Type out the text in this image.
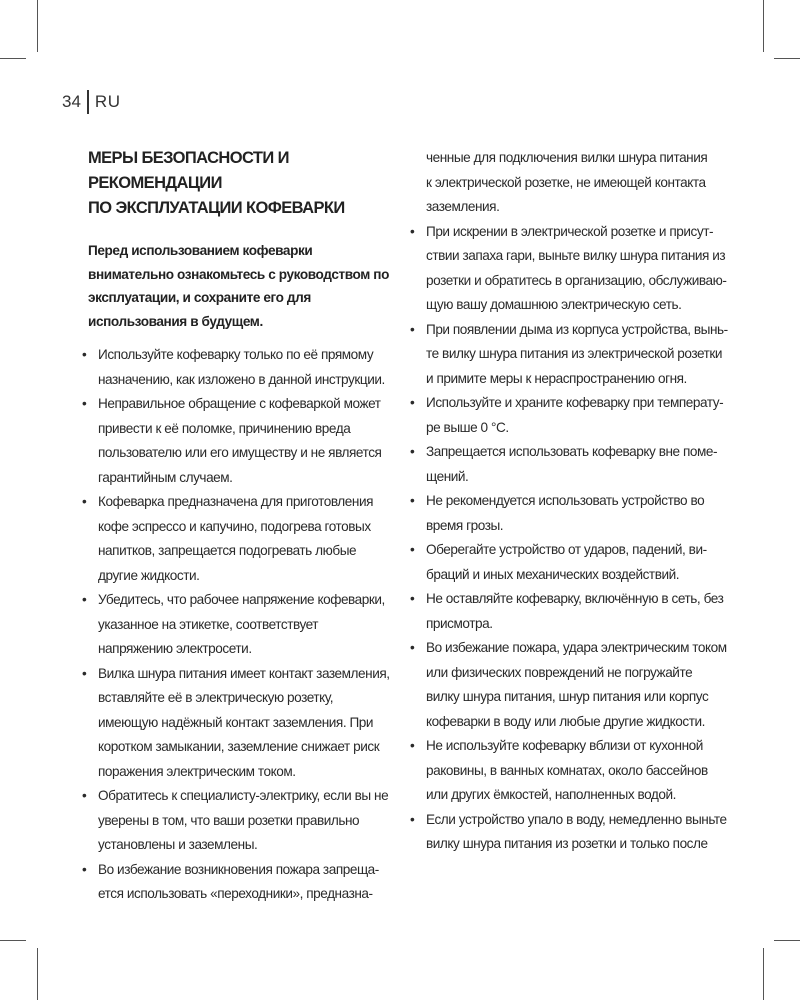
34 RU
МЕРЫ БЕЗОПАСНОСТИ И РЕКОМЕНДАЦИИ
ПО ЭКСПЛУАТАЦИИ КОФЕВАРКИ

Перед использованием кофеварки внимательно ознакомьтесь с руководством по эксплуатации, и сохраните его для использования в будущем.

• Используйте кофеварку только по её прямому назначению, как изложено в данной инструкции.
• Неправильное обращение с кофеваркой может привести к её поломке, причинению вреда пользователю или его имуществу и не является гарантийным случаем.
• Кофеварка предназначена для приготовления кофе эспрессо и капучино, подогрева готовых напитков, запрещается подогревать любые другие жидкости.
• Убедитесь, что рабочее напряжение кофеварки, указанное на этикетке, соответствует напряжению электросети.
• Вилка шнура питания имеет контакт заземления, вставляйте её в электрическую розетку, имеющую надёжный контакт заземления. При коротком замыкании, заземление снижает риск поражения электрическим током.
• Обратитесь к специалисту-электрику, если вы не уверены в том, что ваши розетки правильно установлены и заземлены.
• Во избежание возникновения пожара запреща-
ется использовать «переходники», предназна-

ченные для подключения вилки шнура питания
к электрической розетке, не имеющей контакта
заземления.

• При искрении в электрической розетке и присут-
ствии запаха гари, выньте вилку шнура питания из
розетки и обратитесь в организацию, обслуживаю-
щую вашу домашнюю электрическую сеть.
• При появлении дыма из корпуса устройства, вынь-
те вилку шнура питания из электрической розетки
и примите меры к нераспространению огня.
• Используйте и храните кофеварку при температу-
ре выше 0 °С.
• Запрещается использовать кофеварку вне поме-
щений.
• Не рекомендуется использовать устройство во
время грозы.
• Оберегайте устройство от ударов, падений, ви-
браций и иных механических воздействий.
• Не оставляйте кофеварку, включённую в сеть, без
присмотра.
• Во избежание пожара, удара электрическим током
или физических повреждений не погружайте
вилку шнура питания, шнур питания или корпус
кофеварки в воду или любые другие жидкости.
• Не используйте кофеварку вблизи от кухонной
раковины, в ванных комнатах, около бассейнов
или других ёмкостей, наполненных водой.
• Если устройство упало в воду, немедленно выньте
вилку шнура питания из розетки и только после
